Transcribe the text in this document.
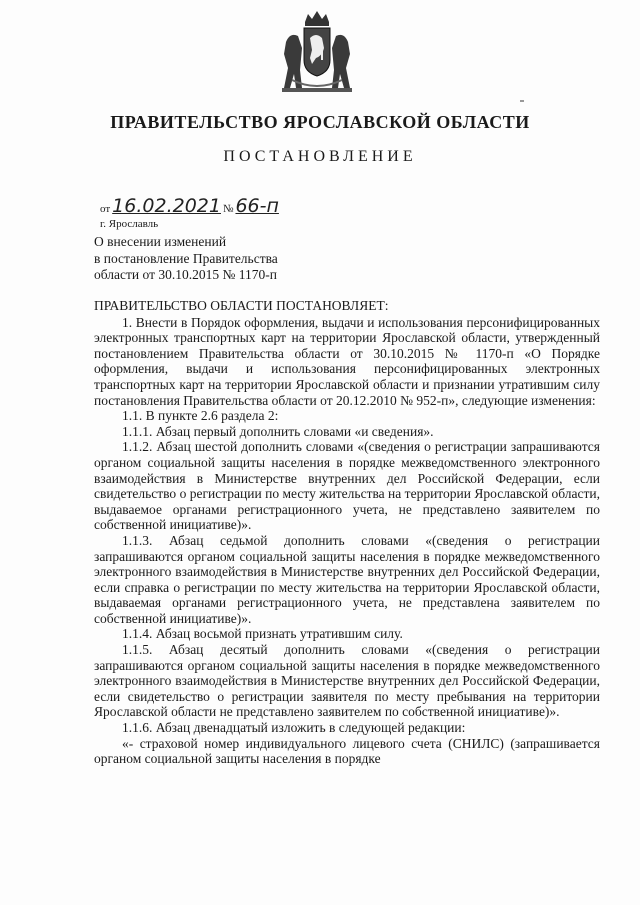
ПРАВИТЕЛЬСТВО ЯРОСЛАВСКОЙ ОБЛАСТИ
ПОСТАНОВЛЕНИЕ
от 16.02.2021 № 66-п
г. Ярославль
О внесении изменений
в постановление Правительства
области от 30.10.2015 № 1170-п

ПРАВИТЕЛЬСТВО ОБЛАСТИ ПОСТАНОВЛЯЕТ:

1. Внести в Порядок оформления, выдачи и использования персонифицированных электронных транспортных карт на территории Ярославской области, утвержденный постановлением Правительства области от 30.10.2015 № 1170-п «О Порядке оформления, выдачи и использования персонифицированных электронных транспортных карт на территории Ярославской области и признании утратившим силу постановления Правительства области от 20.12.2010 № 952-п», следующие изменения:

1.1. В пункте 2.6 раздела 2:

1.1.1. Абзац первый дополнить словами «и сведения».

1.1.2. Абзац шестой дополнить словами «(сведения о регистрации запрашиваются органом социальной защиты населения в порядке межведомственного электронного взаимодействия в Министерстве внутренних дел Российской Федерации, если свидетельство о регистрации по месту жительства на территории Ярославской области, выдаваемое органами регистрационного учета, не представлено заявителем по собственной инициативе)».

1.1.3. Абзац седьмой дополнить словами «(сведения о регистрации запрашиваются органом социальной защиты населения в порядке межведомственного электронного взаимодействия в Министерстве внутренних дел Российской Федерации, если справка о регистрации по месту жительства на территории Ярославской области, выдаваемая органами регистрационного учета, не представлена заявителем по собственной инициативе)».

1.1.4. Абзац восьмой признать утратившим силу.

1.1.5. Абзац десятый дополнить словами «(сведения о регистрации запрашиваются органом социальной защиты населения в порядке межведомственного электронного взаимодействия в Министерстве внутренних дел Российской Федерации, если свидетельство о регистрации заявителя по месту пребывания на территории Ярославской области не представлено заявителем по собственной инициативе)».

1.1.6. Абзац двенадцатый изложить в следующей редакции:

«- страховой номер индивидуального лицевого счета (СНИЛС) (запрашивается органом социальной защиты населения в порядке
